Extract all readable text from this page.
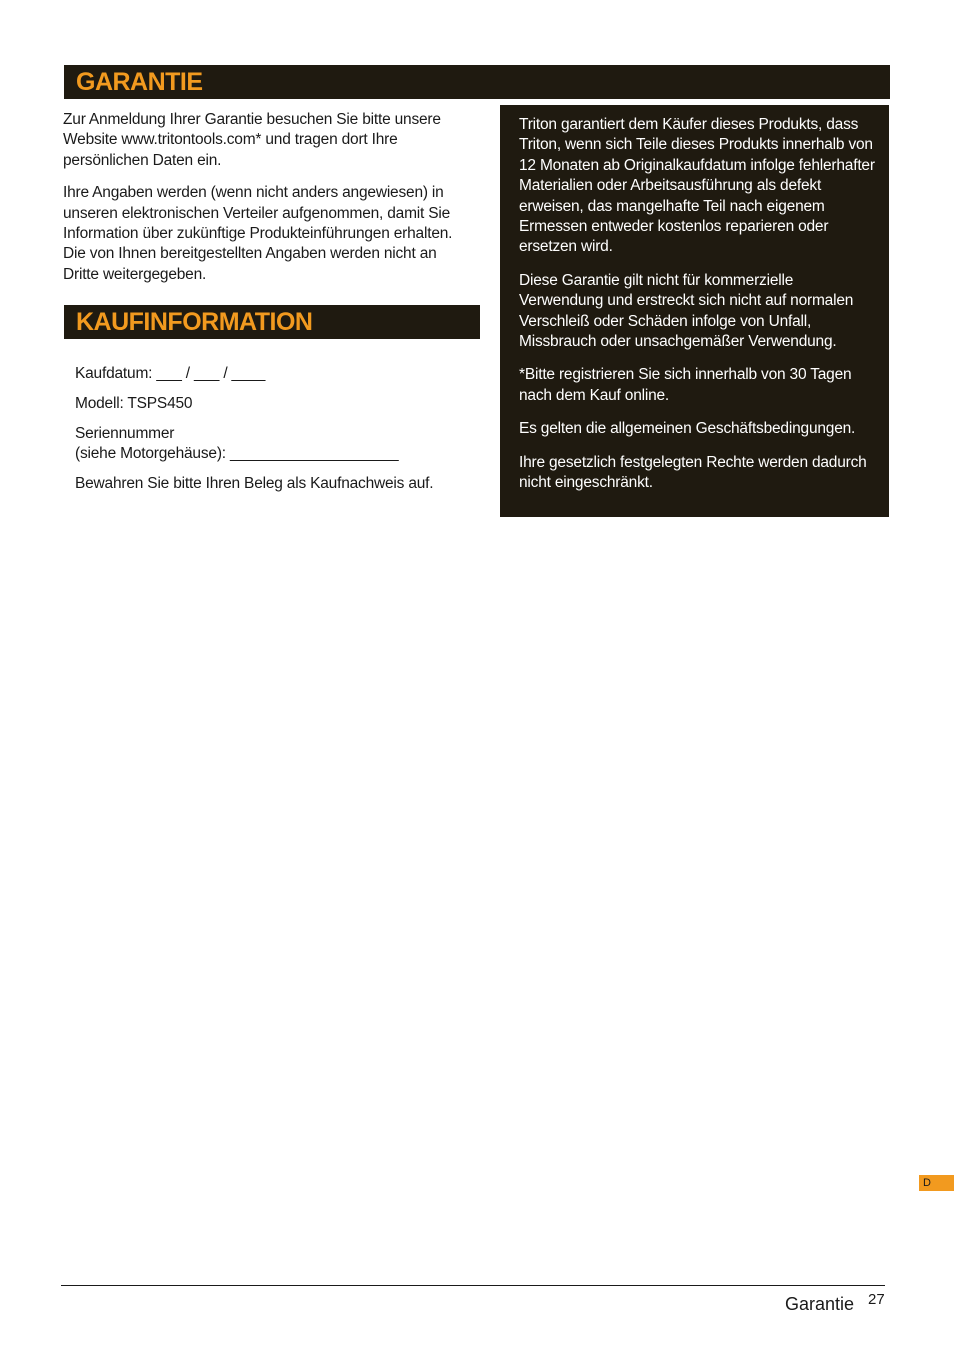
GARANTIE

Zur Anmeldung Ihrer Garantie besuchen Sie bitte unsere Website www.tritontools.com* und tragen dort Ihre persönlichen Daten ein.

Ihre Angaben werden (wenn nicht anders angewiesen) in unseren elektronischen Verteiler aufgenommen, damit Sie Information über zukünftige Produkteinführungen erhalten. Die von Ihnen bereitgestellten Angaben werden nicht an Dritte weitergegeben.

KAUFINFORMATION

Kaufdatum: ___ / ___ / ____

Modell: TSPS450

Seriennummer
(siehe Motorgehäuse): ____________________

Bewahren Sie bitte Ihren Beleg als Kaufnachweis auf.

Triton garantiert dem Käufer dieses Produkts, dass Triton, wenn sich Teile dieses Produkts innerhalb von 12 Monaten ab Originalkaufdatum infolge fehlerhafter Materialien oder Arbeitsausführung als defekt erweisen, das mangelhafte Teil nach eigenem Ermessen entweder kostenlos reparieren oder ersetzen wird.

Diese Garantie gilt nicht für kommerzielle Verwendung und erstreckt sich nicht auf normalen Verschleiß oder Schäden infolge von Unfall, Missbrauch oder unsachgemäßer Verwendung.

*Bitte registrieren Sie sich innerhalb von 30 Tagen nach dem Kauf online.

Es gelten die allgemeinen Geschäftsbedingungen.

Ihre gesetzlich festgelegten Rechte werden dadurch nicht eingeschränkt.

D
Garantie 27
